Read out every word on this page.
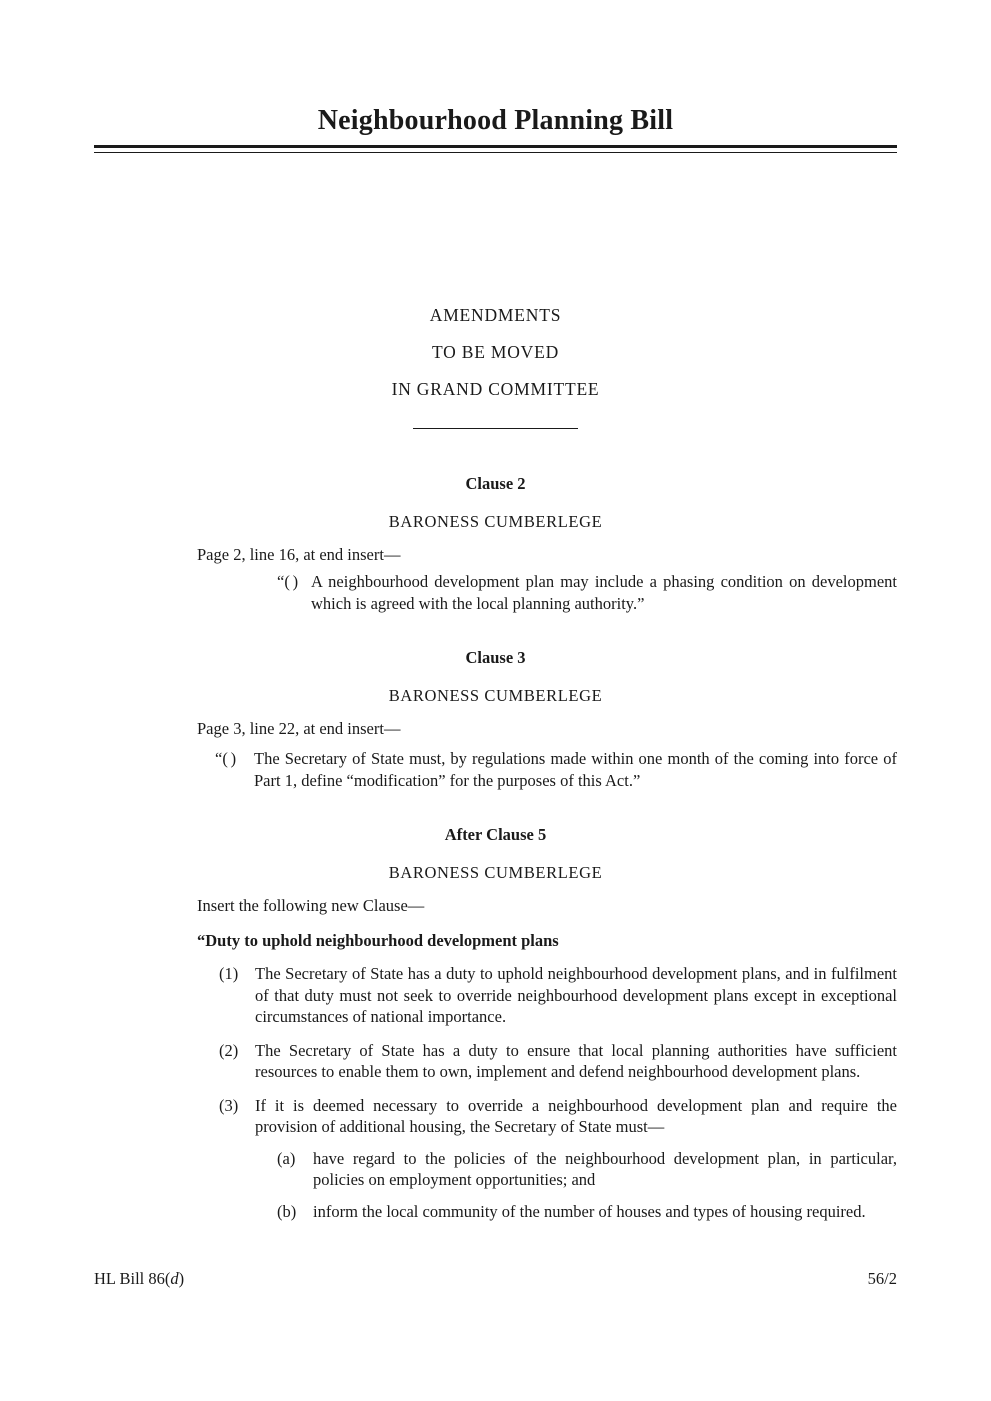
Neighbourhood Planning Bill

AMENDMENTS

TO BE MOVED

IN GRAND COMMITTEE

Clause 2

BARONESS CUMBERLEGE

Page 2, line 16, at end insert—

“( ) A neighbourhood development plan may include a phasing condition on development which is agreed with the local planning authority.”
Clause 3

BARONESS CUMBERLEGE

Page 3, line 22, at end insert—

“( )	The Secretary of State must, by regulations made within one month of the coming into force of Part 1, define “modification” for the purposes of this Act.”
After Clause 5

BARONESS CUMBERLEGE

Insert the following new Clause—

“Duty to uphold neighbourhood development plans

(1)	The Secretary of State has a duty to uphold neighbourhood development plans, and in fulfilment of that duty must not seek to override neighbourhood development plans except in exceptional circumstances of national importance.
(2)	The Secretary of State has a duty to ensure that local planning authorities have sufficient resources to enable them to own, implement and defend neighbourhood development plans.
(3)	If it is deemed necessary to override a neighbourhood development plan and require the provision of additional housing, the Secretary of State must—
(a)	have regard to the policies of the neighbourhood development plan, in particular, policies on employment opportunities; and
(b)	inform the local community of the number of houses and types of housing required.
HL Bill 86(d)	56/2
